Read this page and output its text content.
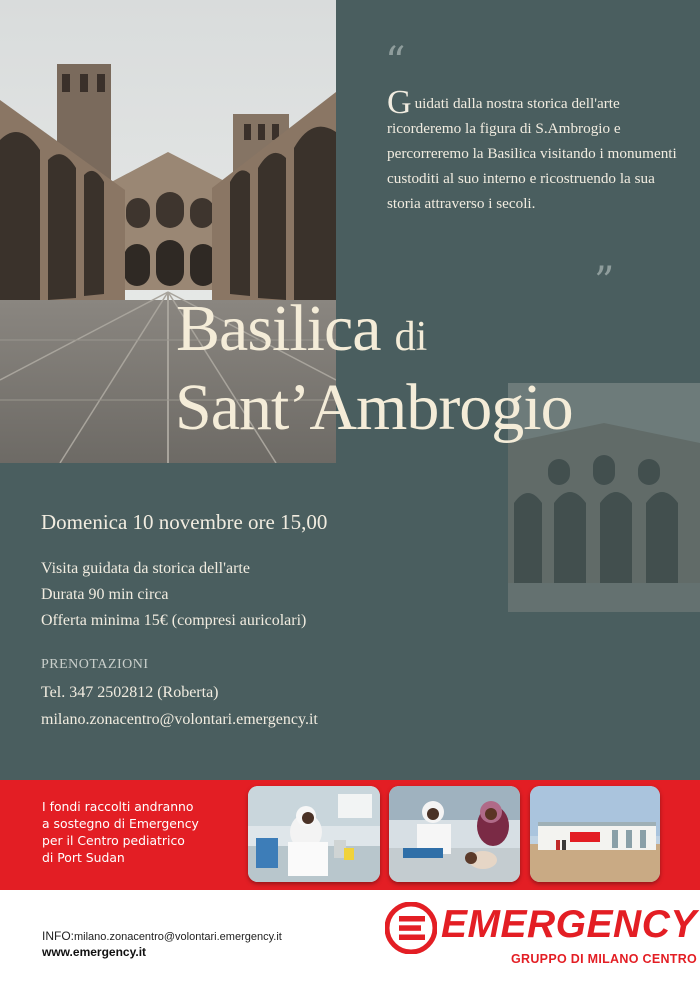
“
Guidati dalla nostra storica dell'arte ricorderemo la figura di S.Ambrogio e percorreremo la Basilica visitando i monumenti custoditi al suo interno e ricostruendo la sua storia attraverso i secoli.
”
Basilica di
Sant’Ambrogio
Domenica 10 novembre ore 15,00
Visita guidata da storica dell'arte
Durata 90 min circa
Offerta minima 15€ (compresi auricolari)
PRENOTAZIONI
Tel. 347 2502812 (Roberta)
milano.zonacentro@volontari.emergency.it
I fondi raccolti andranno
a sostegno di Emergency
per il Centro pediatrico
di Port Sudan
INFO:milano.zonacentro@volontari.emergency.it
www.emergency.it
EMERGENCY
GRUPPO DI MILANO CENTRO
